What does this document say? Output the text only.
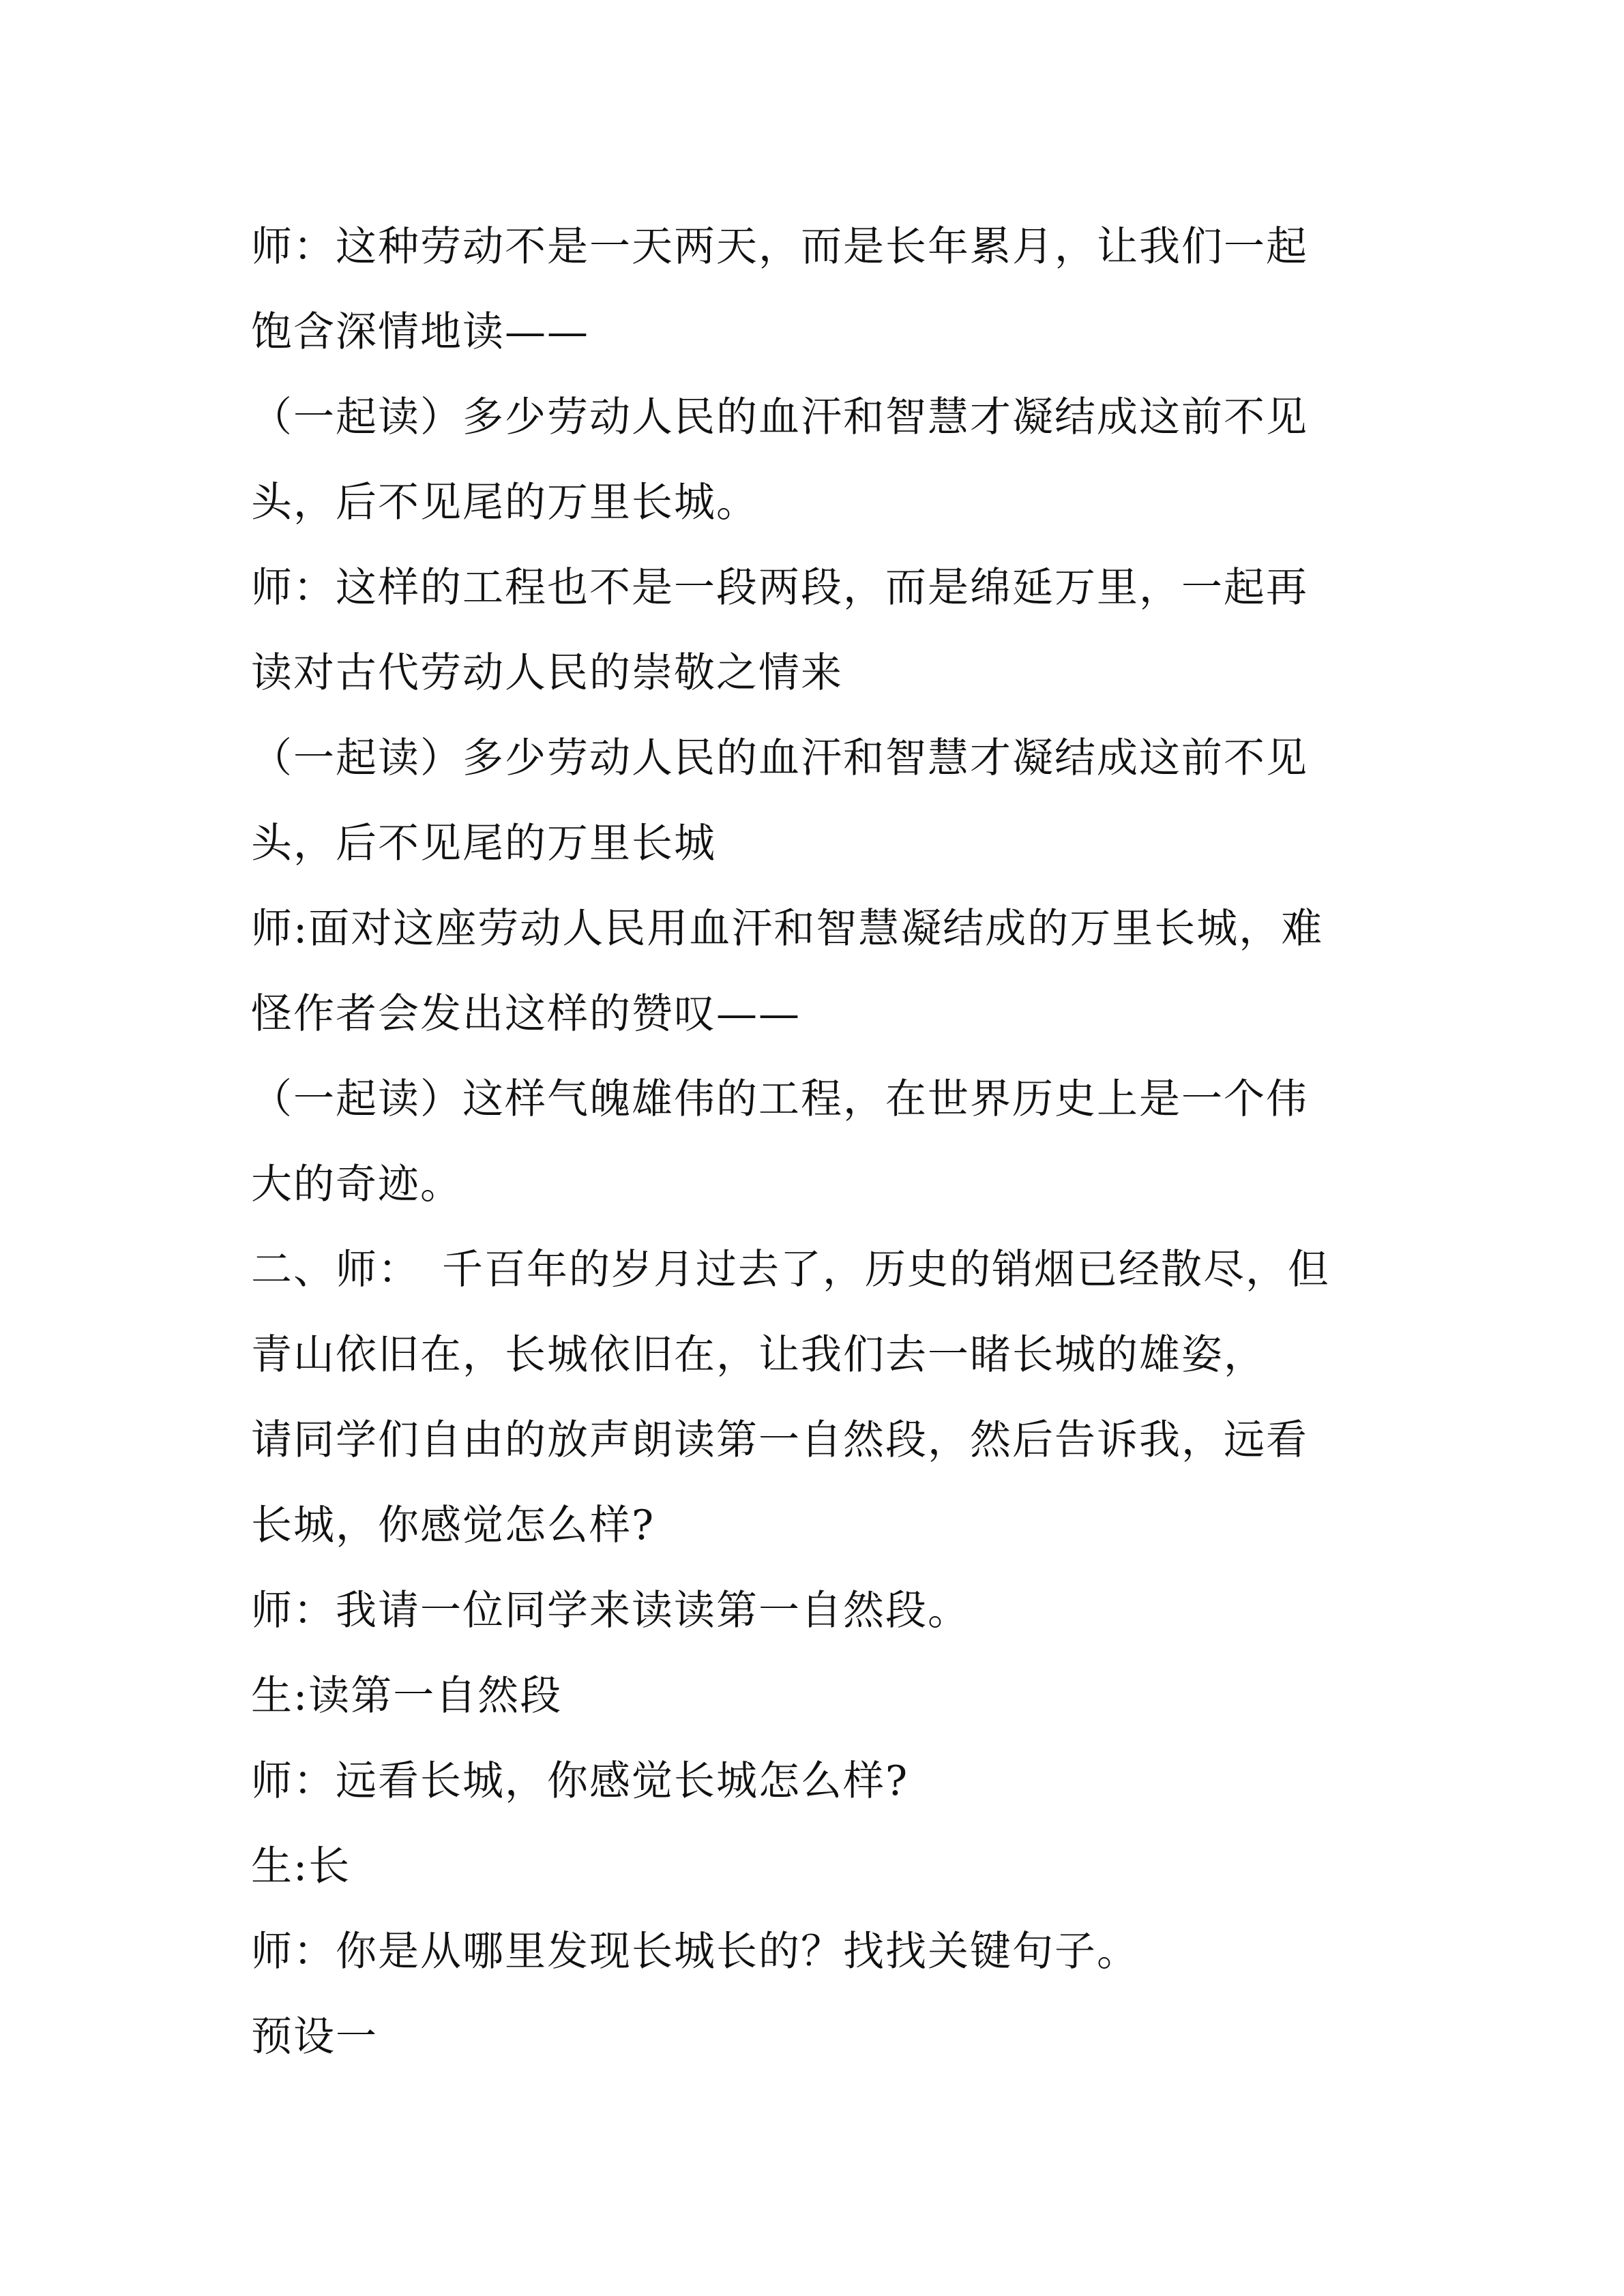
师：这种劳动不是一天两天，而是长年累月，让我们一起
饱含深情地读——
（一起读）多少劳动人民的血汗和智慧才凝结成这前不见
头，后不见尾的万里长城。
师：这样的工程也不是一段两段，而是绵延万里，一起再
读对古代劳动人民的崇敬之情来
（一起读）多少劳动人民的血汗和智慧才凝结成这前不见
头，后不见尾的万里长城
师:面对这座劳动人民用血汗和智慧凝结成的万里长城，难
怪作者会发出这样的赞叹——
（一起读）这样气魄雄伟的工程，在世界历史上是一个伟
大的奇迹。
二、师：　千百年的岁月过去了，历史的销烟已经散尽，但
青山依旧在，长城依旧在，让我们去一睹长城的雄姿，
请同学们自由的放声朗读第一自然段，然后告诉我，远看
长城，你感觉怎么样?
师：我请一位同学来读读第一自然段。
生:读第一自然段
师：远看长城，你感觉长城怎么样?
生:长
师：你是从哪里发现长城长的？找找关键句子。
预设一
